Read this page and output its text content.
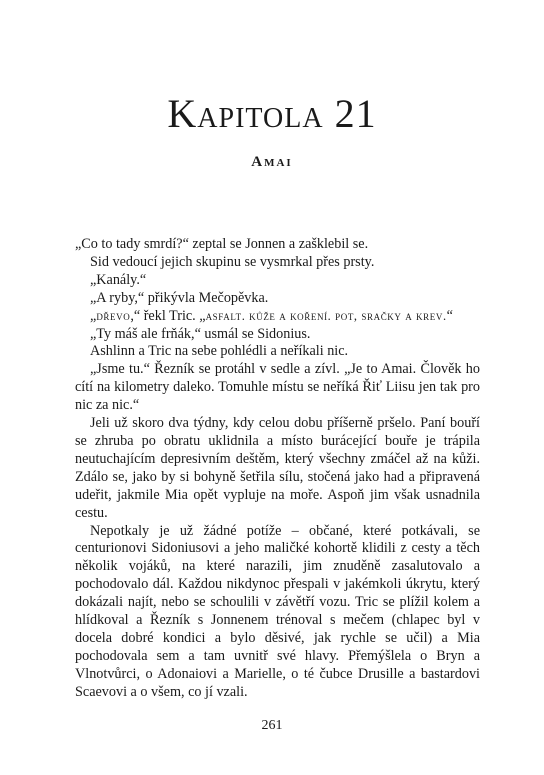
Kapitola 21
Amai

„Co to tady smrdí?“ zeptal se Jonnen a zašklebil se.

Sid vedoucí jejich skupinu se vysmrkal přes prsty.

„Kanály.“

„A ryby,“ přikývla Mečopěvka.

„dřevo,“ řekl Tric. „asfalt. kůže a koření. pot, sračky a krev.“

„Ty máš ale frňák,“ usmál se Sidonius.

Ashlinn a Tric na sebe pohlédli a neříkali nic.

„Jsme tu.“ Řezník se protáhl v sedle a zívl. „Je to Amai. Člověk ho cítí na kilometry daleko. Tomuhle místu se neříká Řiť Liisu jen tak pro nic za nic.“

Jeli už skoro dva týdny, kdy celou dobu příšerně pršelo. Paní bouří se zhruba po obratu uklidnila a místo burácející bouře je trápila neutuchajícím depresivním deštěm, který všechny zmáčel až na kůži. Zdálo se, jako by si bohyně šetřila sílu, stočená jako had a připravená udeřit, jakmile Mia opět vypluje na moře. Aspoň jim však usnadnila cestu.

Nepotkaly je už žádné potíže – občané, které potkávali, se centurionovi Sidoniusovi a jeho maličké kohortě klidili z cesty a těch několik vojáků, na které narazili, jim znuděně zasalutovalo a pochodovalo dál. Každou nikdynoc přespali v jakémkoli úkrytu, který dokázali najít, nebo se schoulili v závětří vozu. Tric se plížil kolem a hlídkoval a Řezník s Jonnenem trénoval s mečem (chlapec byl v docela dobré kondici a bylo děsivé, jak rychle se učil) a Mia pochodovala sem a tam uvnitř své hlavy. Přemýšlela o Bryn a Vlnotvůrci, o Adonaiovi a Marielle, o té čubce Drusille a bastardovi Scaevovi a o všem, co jí vzali.

261
